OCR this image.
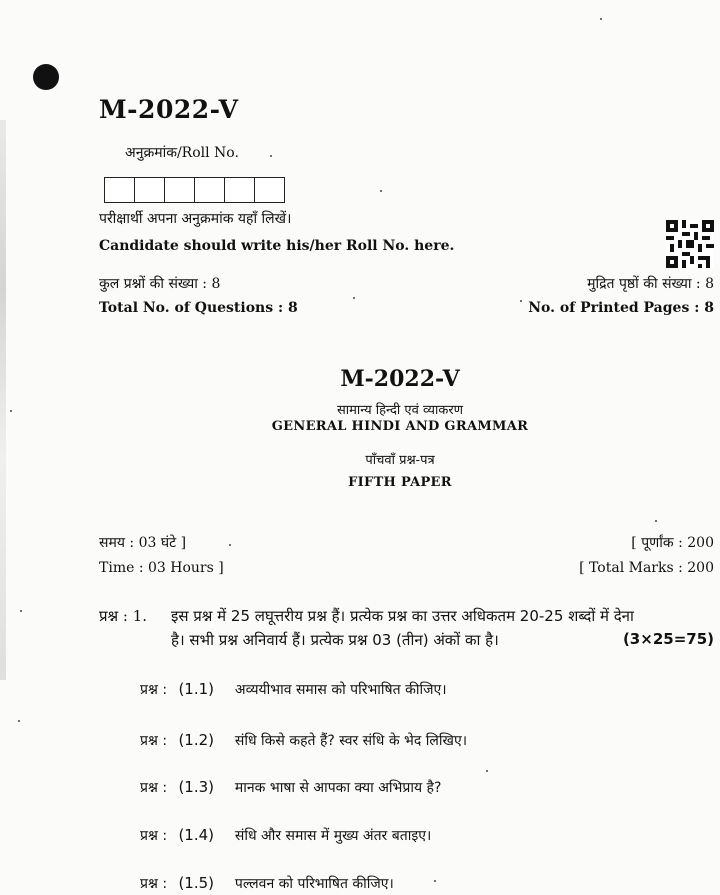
M-2022-V
अनुक्रमांक/Roll No.
परीक्षार्थी अपना अनुक्रमांक यहाँ लिखें।
Candidate should write his/her Roll No. here.
कुल प्रश्नों की संख्या : 8
Total No. of Questions : 8
मुद्रित पृष्ठों की संख्या : 8
No. of Printed Pages : 8
M-2022-V
सामान्य हिन्दी एवं व्याकरण
GENERAL HINDI AND GRAMMAR
पाँचवाँ प्रश्न-पत्र
FIFTH PAPER
समय : 03 घंटे ]
Time : 03 Hours ]
[ पूर्णांक : 200
[ Total Marks : 200
प्रश्न : 1. इस प्रश्न में 25 लघूत्तरीय प्रश्न हैं। प्रत्येक प्रश्न का उत्तर अधिकतम 20-25 शब्दों में देना
है। सभी प्रश्न अनिवार्य हैं। प्रत्येक प्रश्न 03 (तीन) अंकों का है।	(3×25=75)
प्रश्न : (1.1) अव्ययीभाव समास को परिभाषित कीजिए।
प्रश्न : (1.2) संधि किसे कहते हैं? स्वर संधि के भेद लिखिए।
प्रश्न : (1.3) मानक भाषा से आपका क्या अभिप्राय है?
प्रश्न : (1.4) संधि और समास में मुख्य अंतर बताइए।
प्रश्न : (1.5) पल्लवन को परिभाषित कीजिए।
